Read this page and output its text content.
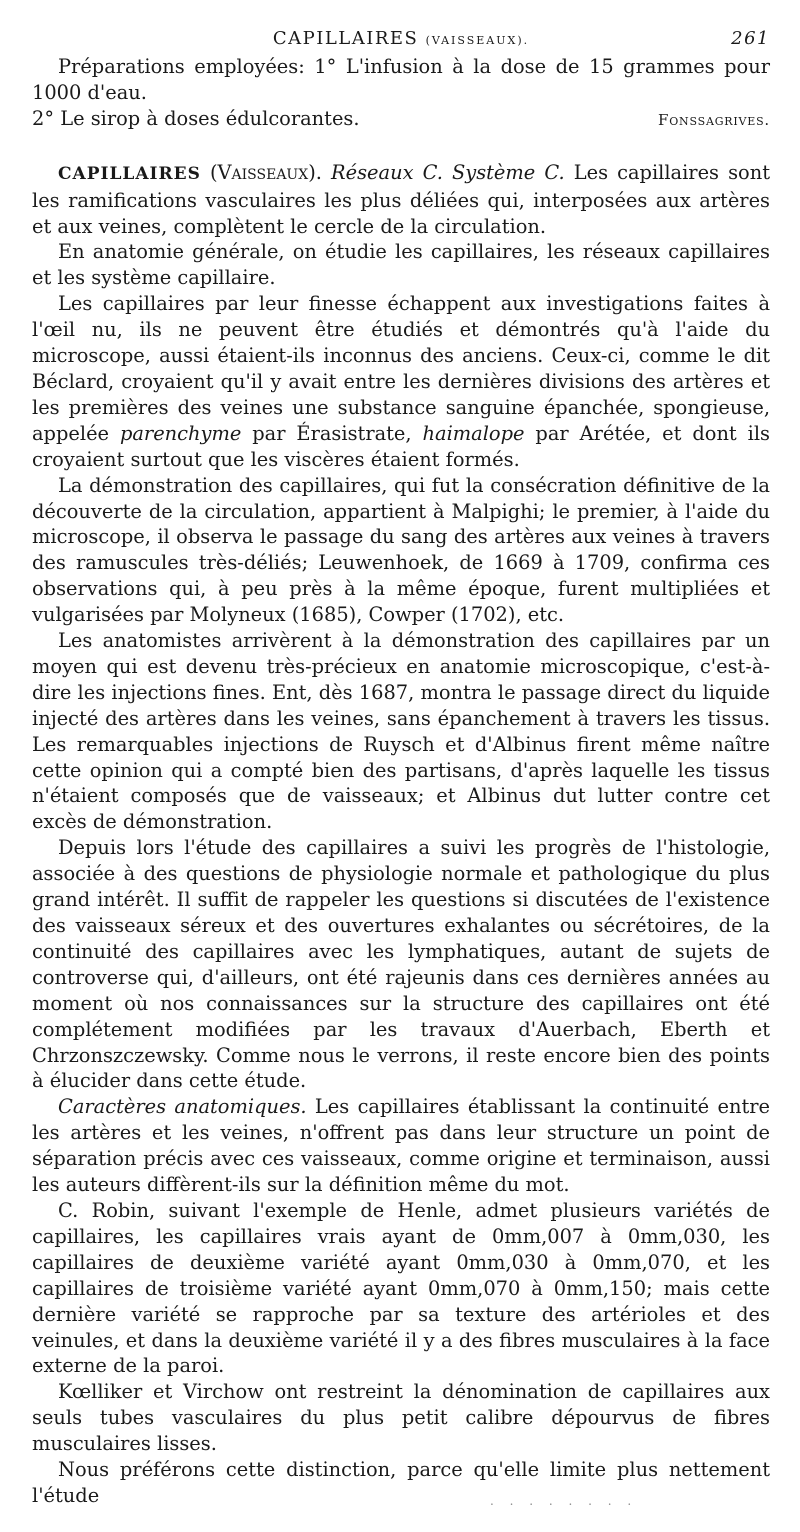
CAPILLAIRES (VAISSEAUX).	261

Préparations employées: 1° L'infusion à la dose de 15 grammes pour 1000 d'eau.
2° Le sirop à doses édulcorantes.	Fonssagrives.

CAPILLAIRES (Vaisseaux). Réseaux C. Système C. Les capillaires sont les ramifications vasculaires les plus déliées qui, interposées aux artères et aux veines, complètent le cercle de la circulation.

En anatomie générale, on étudie les capillaires, les réseaux capillaires et les système capillaire.

Les capillaires par leur finesse échappent aux investigations faites à l'œil nu, ils ne peuvent être étudiés et démontrés qu'à l'aide du microscope, aussi étaient-ils inconnus des anciens. Ceux-ci, comme le dit Béclard, croyaient qu'il y avait entre les dernières divisions des artères et les premières des veines une substance sanguine épanchée, spongieuse, appelée parenchyme par Érasistrate, haimalope par Arétée, et dont ils croyaient surtout que les viscères étaient formés.

La démonstration des capillaires, qui fut la consécration définitive de la découverte de la circulation, appartient à Malpighi; le premier, à l'aide du microscope, il observa le passage du sang des artères aux veines à travers des ramuscules très-déliés; Leuwenhoek, de 1669 à 1709, confirma ces observations qui, à peu près à la même époque, furent multipliées et vulgarisées par Molyneux (1685), Cowper (1702), etc.

Les anatomistes arrivèrent à la démonstration des capillaires par un moyen qui est devenu très-précieux en anatomie microscopique, c'est-à-dire les injections fines. Ent, dès 1687, montra le passage direct du liquide injecté des artères dans les veines, sans épanchement à travers les tissus. Les remarquables injections de Ruysch et d'Albinus firent même naître cette opinion qui a compté bien des partisans, d'après laquelle les tissus n'étaient composés que de vaisseaux; et Albinus dut lutter contre cet excès de démonstration.

Depuis lors l'étude des capillaires a suivi les progrès de l'histologie, associée à des questions de physiologie normale et pathologique du plus grand intérêt. Il suffit de rappeler les questions si discutées de l'existence des vaisseaux séreux et des ouvertures exhalantes ou sécrétoires, de la continuité des capillaires avec les lymphatiques, autant de sujets de controverse qui, d'ailleurs, ont été rajeunis dans ces dernières années au moment où nos connaissances sur la structure des capillaires ont été complétement modifiées par les travaux d'Auerbach, Eberth et Chrzonszczewsky. Comme nous le verrons, il reste encore bien des points à élucider dans cette étude.

Caractères anatomiques. Les capillaires établissant la continuité entre les artères et les veines, n'offrent pas dans leur structure un point de séparation précis avec ces vaisseaux, comme origine et terminaison, aussi les auteurs diffèrent-ils sur la définition même du mot.

C. Robin, suivant l'exemple de Henle, admet plusieurs variétés de capillaires, les capillaires vrais ayant de 0mm,007 à 0mm,030, les capillaires de deuxième variété ayant 0mm,030 à 0mm,070, et les capillaires de troisième variété ayant 0mm,070 à 0mm,150; mais cette dernière variété se rapproche par sa texture des artérioles et des veinules, et dans la deuxième variété il y a des fibres musculaires à la face externe de la paroi.

Kœlliker et Virchow ont restreint la dénomination de capillaires aux seuls tubes vasculaires du plus petit calibre dépourvus de fibres musculaires lisses.

Nous préférons cette distinction, parce qu'elle limite plus nettement l'étude	. . . . . . . .
